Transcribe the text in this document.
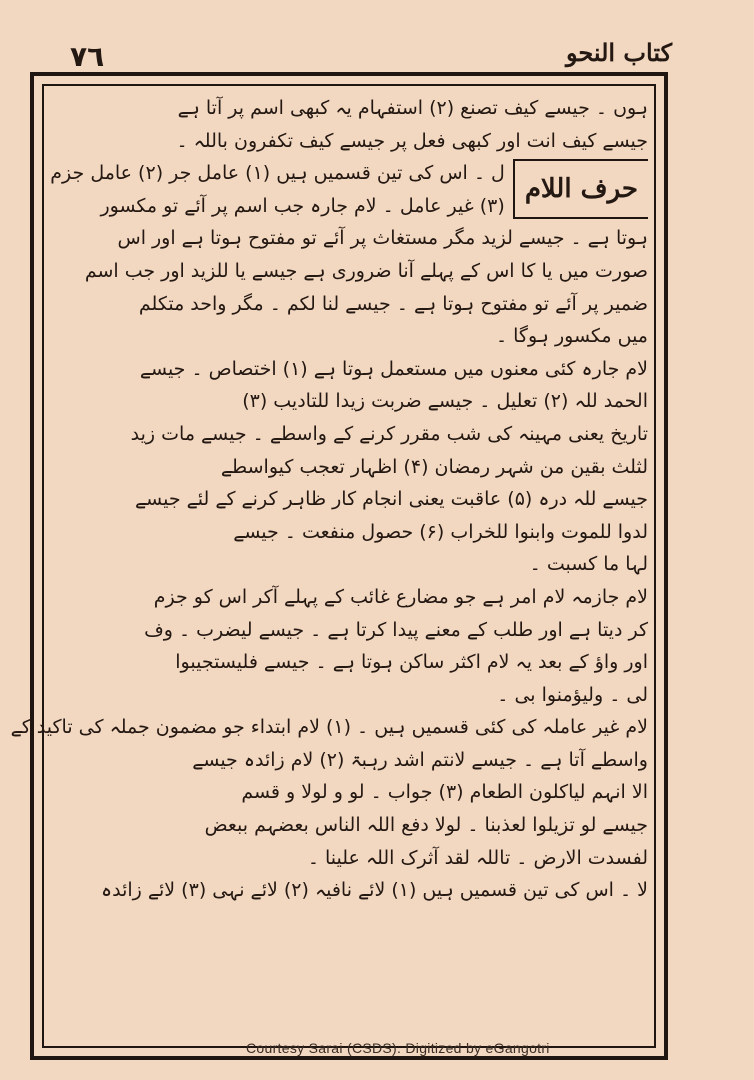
٧٦	کتاب النحو
ہوں ۔ جیسے کیف تصنع (۲) استفہام یہ کبھی اسم پر آتا ہے
جیسے کیف انت اور کبھی فعل پر جیسے کیف تکفرون باللہ ۔
حرف اللام
ل ۔ اس کی تین قسمیں ہیں (۱) عامل جر (۲) عامل جزم
(۳) غیر عامل ۔ لام جارہ جب اسم پر آئے تو مکسور
ہوتا ہے ۔ جیسے لزید مگر مستغاث پر آئے تو مفتوح ہوتا ہے اور اس
صورت میں یا کا اس کے پہلے آنا ضروری ہے جیسے یا للزید اور جب اسم
ضمیر پر آئے تو مفتوح ہوتا ہے ۔ جیسے لنا لکم ۔ مگر واحد متکلم
میں مکسور ہوگا ۔
لام جارہ کئی معنوں میں مستعمل ہوتا ہے (۱) اختصاص ۔ جیسے
الحمد للہ (۲) تعلیل ۔ جیسے ضربت زیدا للتادیب (۳)
تاریخ یعنی مہینہ کی شب مقرر کرنے کے واسطے ۔ جیسے مات زید
لثلث بقین من شہر رمضان (۴) اظہار تعجب کیواسطے
جیسے للہ درہ (۵) عاقبت یعنی انجام کار ظاہر کرنے کے لئے جیسے
لدوا للموت وابنوا للخراب (۶) حصول منفعت ۔ جیسے
لہا ما کسبت ۔
لام جازمہ لام امر ہے جو مضارع غائب کے پہلے آکر اس کو جزم
کر دیتا ہے اور طلب کے معنے پیدا کرتا ہے ۔ جیسے لیضرب ۔ وف
اور واؤ کے بعد یہ لام اکثر ساکن ہوتا ہے ۔ جیسے فلیستجیبوا
لی ۔ ولیؤمنوا بی ۔
لام غیر عاملہ کی کئی قسمیں ہیں ۔ (۱) لام ابتداء جو مضمون جملہ کی تاکید کے
واسطے آتا ہے ۔ جیسے لانتم اشد رہبۃ (۲) لام زائدہ جیسے
الا انہم لیاکلون الطعام (۳) جواب ۔ لو و لولا و قسم
جیسے لو تزیلوا لعذبنا ۔ لولا دفع اللہ الناس بعضہم ببعض
لفسدت الارض ۔ تاللہ لقد آثرک اللہ علینا ۔
لا ۔ اس کی تین قسمیں ہیں (۱) لائے نافیہ (۲) لائے نہی (۳) لائے زائدہ
Courtesy Sarai (CSDS). Digitized by eGangotri
